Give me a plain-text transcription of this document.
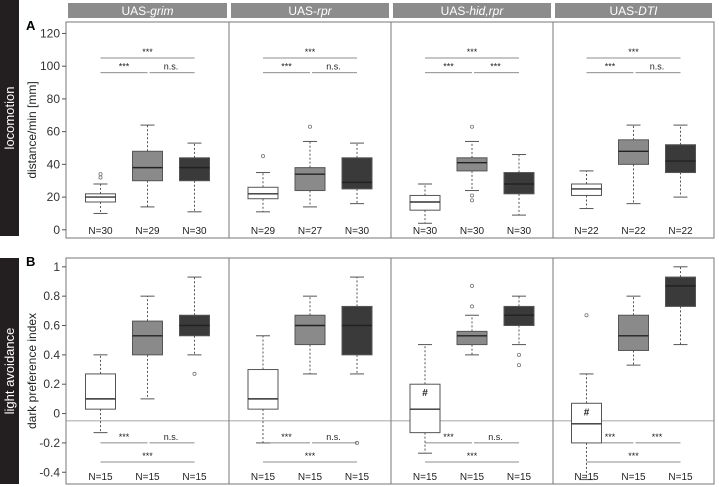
UAS-grim	UAS-rpr	UAS-hid,rpr	UAS-DTI
locomotion distance/min [mm]
A
0
20
40
60
80
100
120
N=30 N=29 N=30
***
***
n.s.
N=29 N=27 N=30
***
***
n.s.
N=30 N=30 N=30
***
***
***
N=22 N=22 N=22
***
***
n.s.
light avoidance dark preference index
B
-0.4
-0.2
0
0.2
0.4
0.6
0.8
1
N=15 N=15 N=15
***
***
n.s.
N=15 N=15 N=15
***
***
n.s.
#
N=15 N=15 N=15
***
***
n.s.
#
N=15 N=15 N=15
***
***
***
